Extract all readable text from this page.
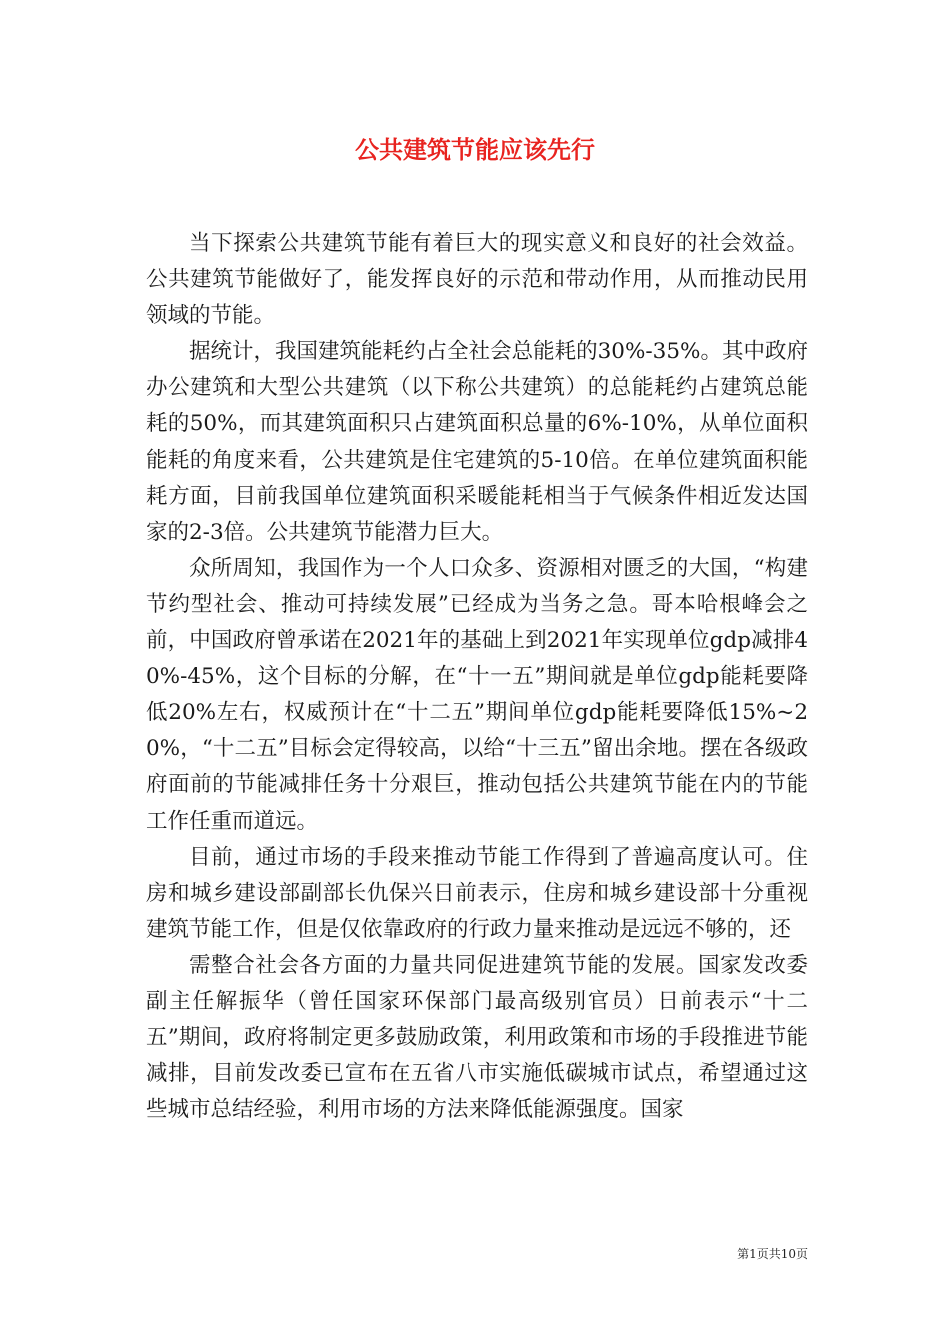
公共建筑节能应该先行

当下探索公共建筑节能有着巨大的现实意义和良好的社会效益。公共建筑节能做好了，能发挥良好的示范和带动作用，从而推动民用领域的节能。

据统计，我国建筑能耗约占全社会总能耗的30%-35%。其中政府办公建筑和大型公共建筑（以下称公共建筑）的总能耗约占建筑总能耗的50%，而其建筑面积只占建筑面积总量的6%-10%，从单位面积能耗的角度来看，公共建筑是住宅建筑的5-10倍。在单位建筑面积能耗方面，目前我国单位建筑面积采暖能耗相当于气候条件相近发达国家的2-3倍。公共建筑节能潜力巨大。

众所周知，我国作为一个人口众多、资源相对匮乏的大国，“构建节约型社会、推动可持续发展”已经成为当务之急。哥本哈根峰会之前，中国政府曾承诺在2021年的基础上到2021年实现单位gdp减排40%-45%，这个目标的分解，在“十一五”期间就是单位gdp能耗要降低20%左右，权威预计在“十二五”期间单位gdp能耗要降低15%~20%，“十二五”目标会定得较高，以给“十三五”留出余地。摆在各级政府面前的节能减排任务十分艰巨，推动包括公共建筑节能在内的节能工作任重而道远。

目前，通过市场的手段来推动节能工作得到了普遍高度认可。住房和城乡建设部副部长仇保兴日前表示，住房和城乡建设部十分重视建筑节能工作，但是仅依靠政府的行政力量来推动是远远不够的，还

需整合社会各方面的力量共同促进建筑节能的发展。国家发改委副主任解振华（曾任国家环保部门最高级别官员）日前表示“十二五”期间，政府将制定更多鼓励政策，利用政策和市场的手段推进节能减排，目前发改委已宣布在五省八市实施低碳城市试点，希望通过这些城市总结经验，利用市场的方法来降低能源强度。国家

第1页共10页
